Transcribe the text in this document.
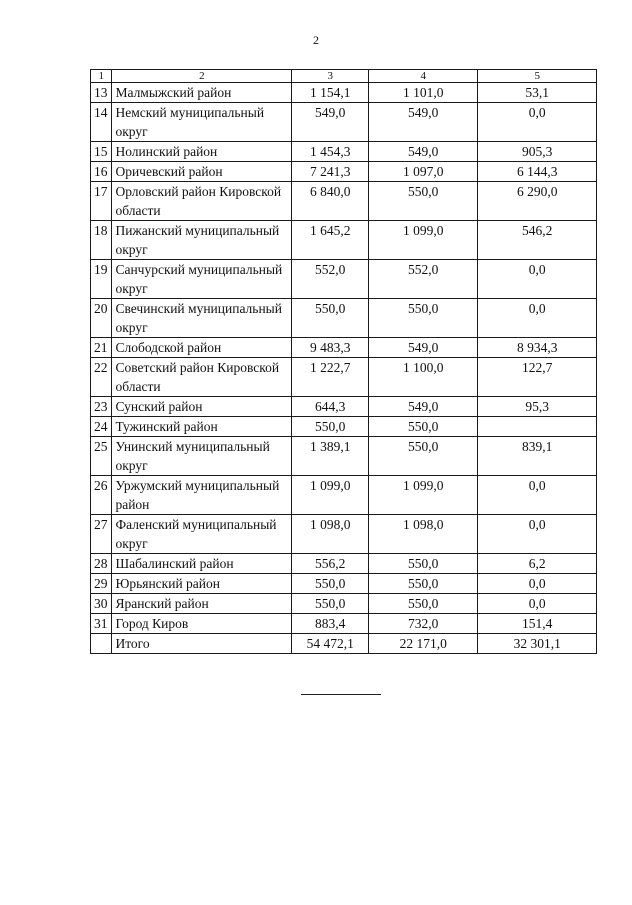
2
1	2	3	4	5
13	Малмыжский район	1 154,1	1 101,0	53,1
14	Немский муниципальный округ	549,0	549,0	0,0
15	Нолинский район	1 454,3	549,0	905,3
16	Оричевский район	7 241,3	1 097,0	6 144,3
17	Орловский район Кировской области	6 840,0	550,0	6 290,0
18	Пижанский муниципальный округ	1 645,2	1 099,0	546,2
19	Санчурский муниципальный округ	552,0	552,0	0,0
20	Свечинский муниципальный округ	550,0	550,0	0,0
21	Слободской район	9 483,3	549,0	8 934,3
22	Советский район Кировской области	1 222,7	1 100,0	122,7
23	Сунский район	644,3	549,0	95,3
24	Тужинский район	550,0	550,0	
25	Унинский муниципальный округ	1 389,1	550,0	839,1
26	Уржумский муниципальный район	1 099,0	1 099,0	0,0
27	Фаленский муниципальный округ	1 098,0	1 098,0	0,0
28	Шабалинский район	556,2	550,0	6,2
29	Юрьянский район	550,0	550,0	0,0
30	Яранский район	550,0	550,0	0,0
31	Город Киров	883,4	732,0	151,4
	Итого	54 472,1	22 171,0	32 301,1
